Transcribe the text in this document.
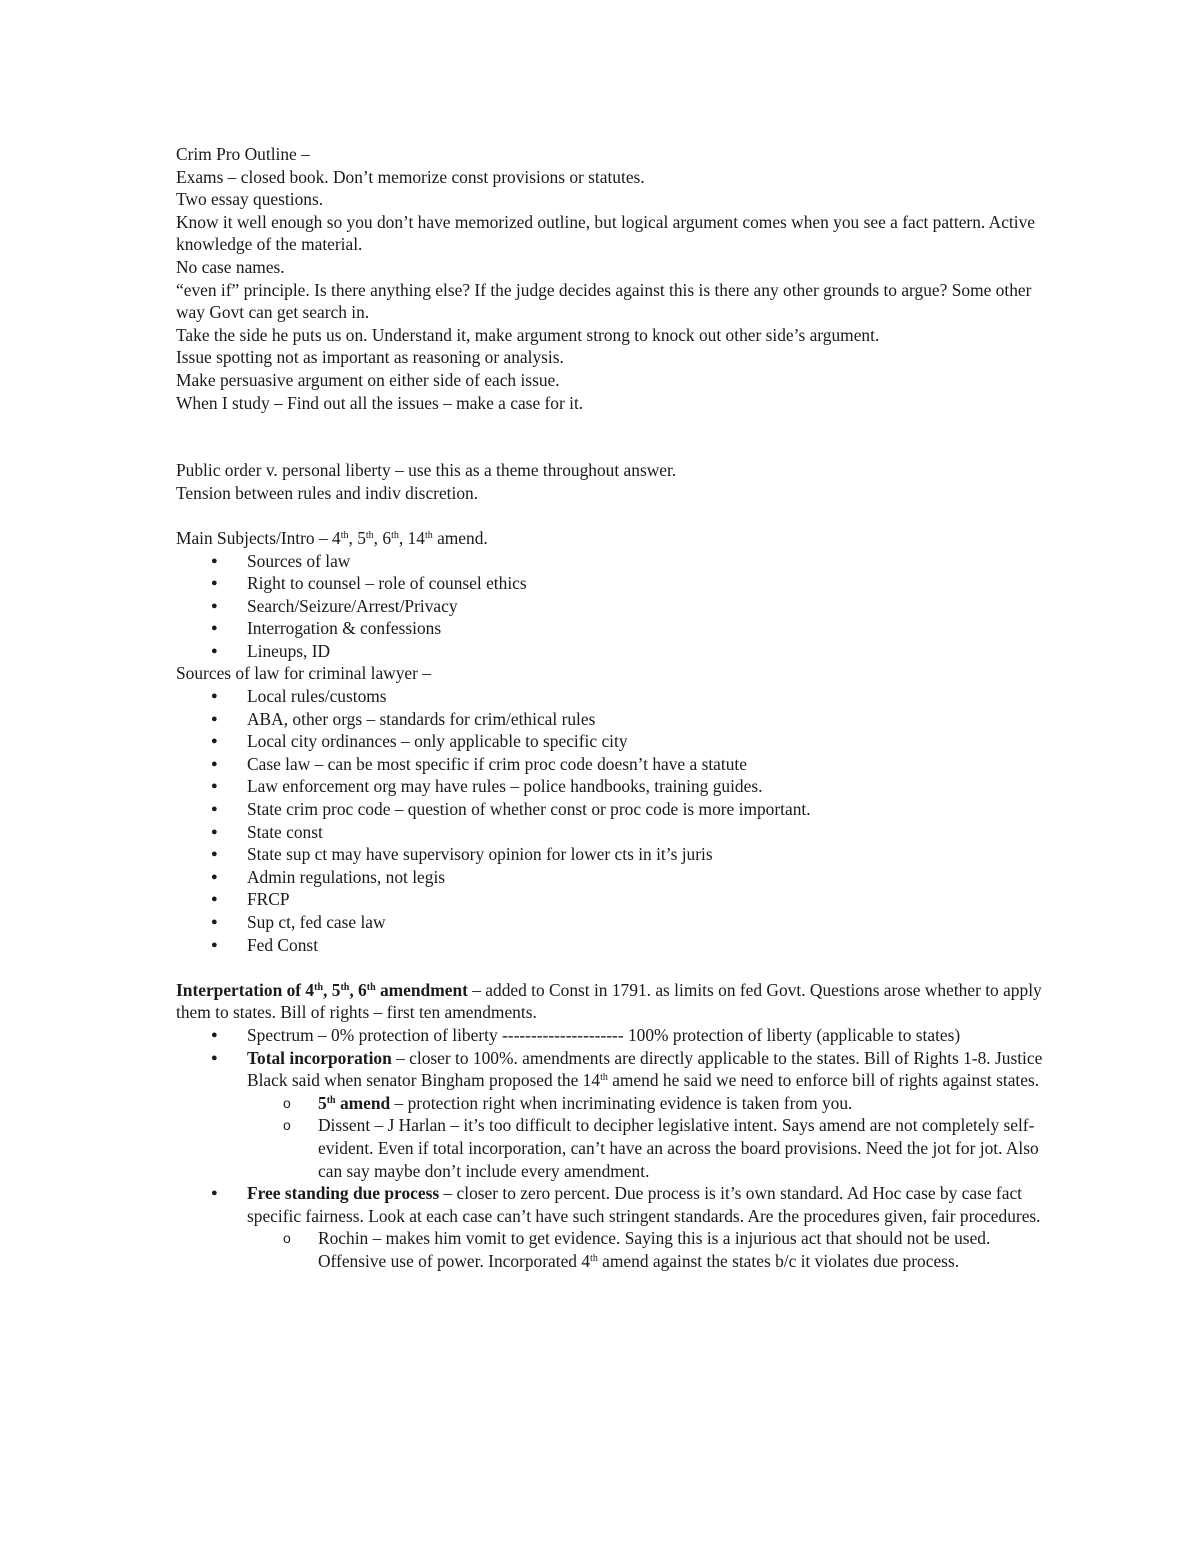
Crim Pro Outline –

Exams – closed book. Don’t memorize const provisions or statutes.

Two essay questions.

Know it well enough so you don’t have memorized outline, but logical argument comes when you see a fact pattern. Active knowledge of the material.

No case names.

“even if” principle. Is there anything else? If the judge decides against this is there any other grounds to argue? Some other way Govt can get search in.

Take the side he puts us on. Understand it, make argument strong to knock out other side’s argument.

Issue spotting not as important as reasoning or analysis.

Make persuasive argument on either side of each issue.

When I study – Find out all the issues – make a case for it.

Public order v. personal liberty – use this as a theme throughout answer.

Tension between rules and indiv discretion.

Main Subjects/Intro – 4th, 5th, 6th, 14th amend.

● Sources of law
● Right to counsel – role of counsel ethics
● Search/Seizure/Arrest/Privacy
● Interrogation & confessions
● Lineups, ID

Sources of law for criminal lawyer –

● Local rules/customs
● ABA, other orgs – standards for crim/ethical rules
● Local city ordinances – only applicable to specific city
● Case law – can be most specific if crim proc code doesn’t have a statute
● Law enforcement org may have rules – police handbooks, training guides.
● State crim proc code – question of whether const or proc code is more important.
● State const
● State sup ct may have supervisory opinion for lower cts in it’s juris
● Admin regulations, not legis
● FRCP
● Sup ct, fed case law
● Fed Const

Interpertation of 4th, 5th, 6th amendment – added to Const in 1791. as limits on fed Govt. Questions arose whether to apply them to states. Bill of rights – first ten amendments.

● Spectrum – 0% protection of liberty --------------------- 100% protection of liberty (applicable to states)
● Total incorporation – closer to 100%. amendments are directly applicable to the states. Bill of Rights 1-8. Justice Black said when senator Bingham proposed the 14th amend he said we need to enforce bill of rights against states.
o 5th amend – protection right when incriminating evidence is taken from you.
o Dissent – J Harlan – it’s too difficult to decipher legislative intent. Says amend are not completely self-evident. Even if total incorporation, can’t have an across the board provisions. Need the jot for jot. Also can say maybe don’t include every amendment.
● Free standing due process – closer to zero percent. Due process is it’s own standard. Ad Hoc case by case fact specific fairness. Look at each case can’t have such stringent standards. Are the procedures given, fair procedures.
o Rochin – makes him vomit to get evidence. Saying this is a injurious act that should not be used. Offensive use of power. Incorporated 4th amend against the states b/c it violates due process.
